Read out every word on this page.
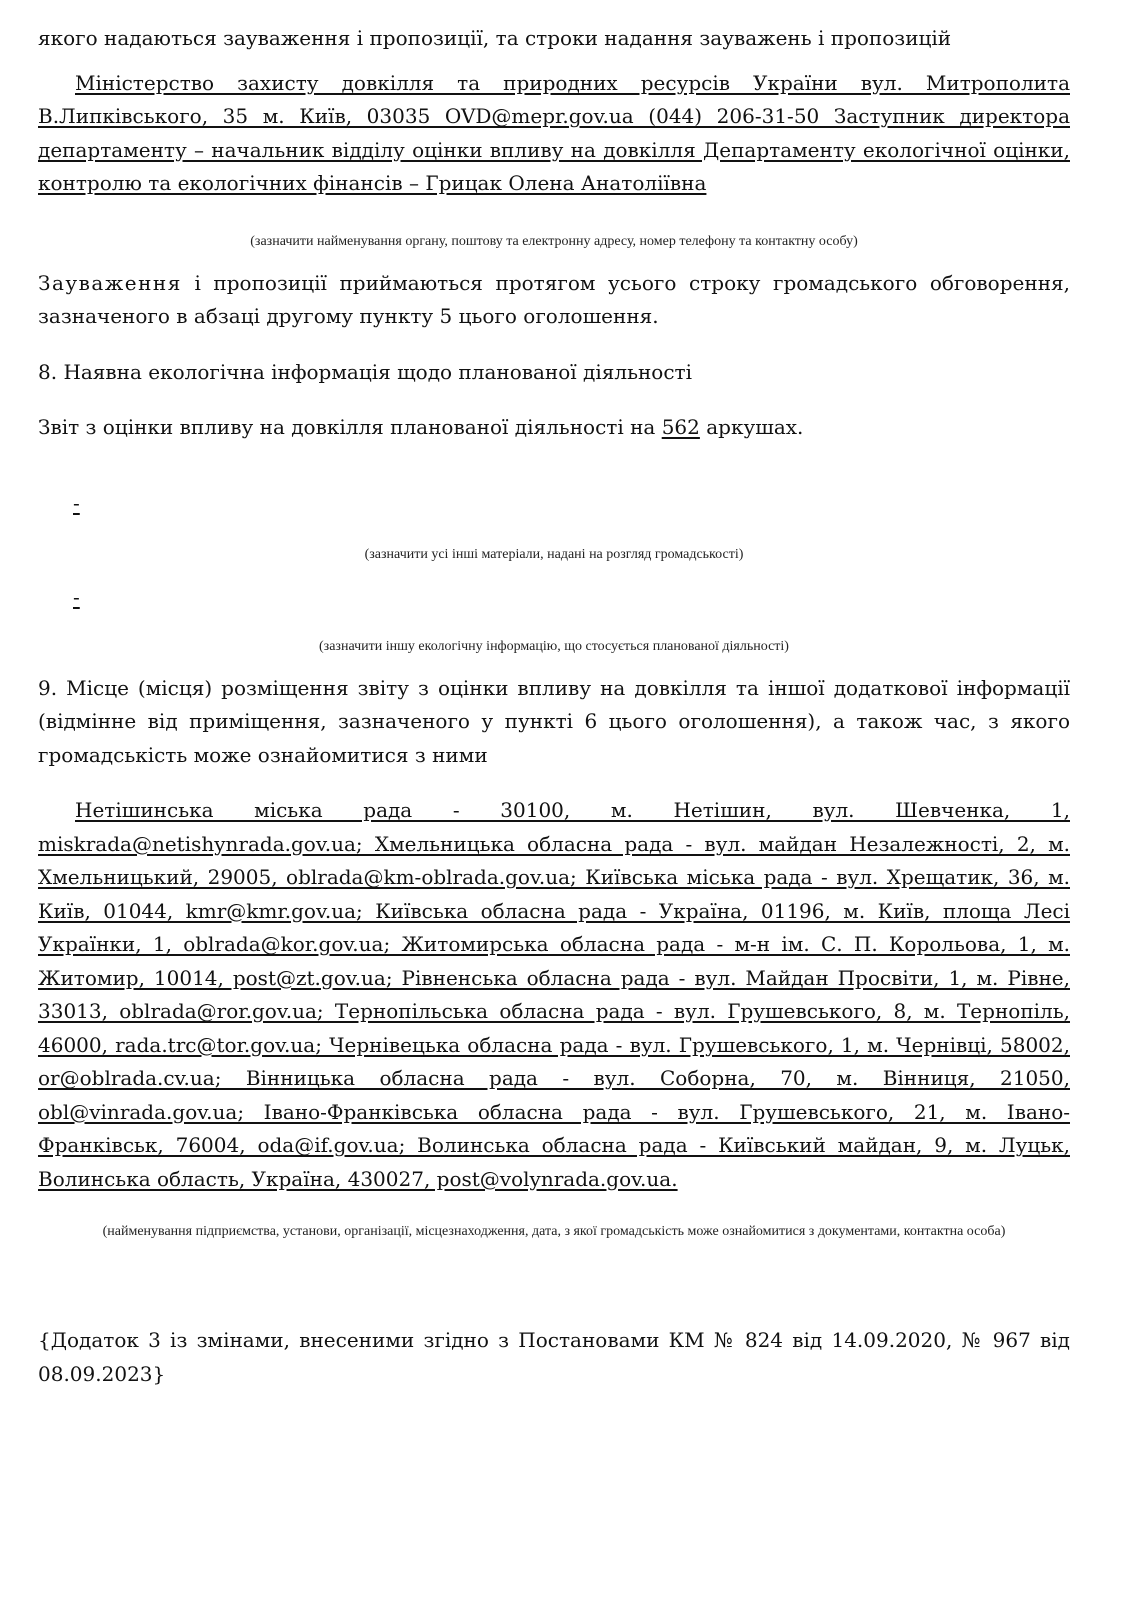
якого надаються зауваження і пропозиції, та строки надання зауважень і пропозицій

Міністерство захисту довкілля та природних ресурсів України вул. Митрополита В.Липківського, 35 м. Київ, 03035 OVD@mepr.gov.ua (044) 206-31-50 Заступник директора департаменту – начальник відділу оцінки впливу на довкілля Департаменту екологічної оцінки, контролю та екологічних фінансів – Грицак Олена Анатоліївна

(зазначити найменування органу, поштову та електронну адресу, номер телефону та контактну особу)

Зауваження і пропозиції приймаються протягом усього строку громадського обговорення, зазначеного в абзаці другому пункту 5 цього оголошення.

8. Наявна екологічна інформація щодо планованої діяльності

Звіт з оцінки впливу на довкілля планованої діяльності на 562 аркушах.

-

(зазначити усі інші матеріали, надані на розгляд громадськості)

-

(зазначити іншу екологічну інформацію, що стосується планованої діяльності)

9. Місце (місця) розміщення звіту з оцінки впливу на довкілля та іншої додаткової інформації (відмінне від приміщення, зазначеного у пункті 6 цього оголошення), а також час, з якого громадськість може ознайомитися з ними

Нетішинська міська рада - 30100, м. Нетішин, вул. Шевченка, 1, miskrada@netishynrada.gov.ua; Хмельницька обласна рада - вул. майдан Незалежності, 2, м. Хмельницький, 29005, oblrada@km-oblrada.gov.ua; Київська міська рада - вул. Хрещатик, 36, м. Київ, 01044, kmr@kmr.gov.ua; Київська обласна рада - Україна, 01196, м. Київ, площа Лесі Українки, 1, oblrada@kor.gov.ua; Житомирська обласна рада - м-н ім. С. П. Корольова, 1, м. Житомир, 10014, post@zt.gov.ua; Рівненська обласна рада - вул. Майдан Просвіти, 1, м. Рівне, 33013, oblrada@ror.gov.ua; Тернопільська обласна рада - вул. Грушевського, 8, м. Тернопіль, 46000, rada.trc@tor.gov.ua; Чернівецька обласна рада - вул. Грушевського, 1, м. Чернівці, 58002, or@oblrada.cv.ua; Вінницька обласна рада - вул. Соборна, 70, м. Вінниця, 21050, obl@vinrada.gov.ua; Івано-Франківська обласна рада - вул. Грушевського, 21, м. Івано-Франківськ, 76004, oda@if.gov.ua; Волинська обласна рада - Київський майдан, 9, м. Луцьк, Волинська область, Україна, 430027, post@volynrada.gov.ua.

(найменування підприємства, установи, організації, місцезнаходження, дата, з якої громадськість може ознайомитися з документами, контактна особа)

{Додаток 3 із змінами, внесеними згідно з Постановами КМ № 824 від 14.09.2020, № 967 від 08.09.2023}
